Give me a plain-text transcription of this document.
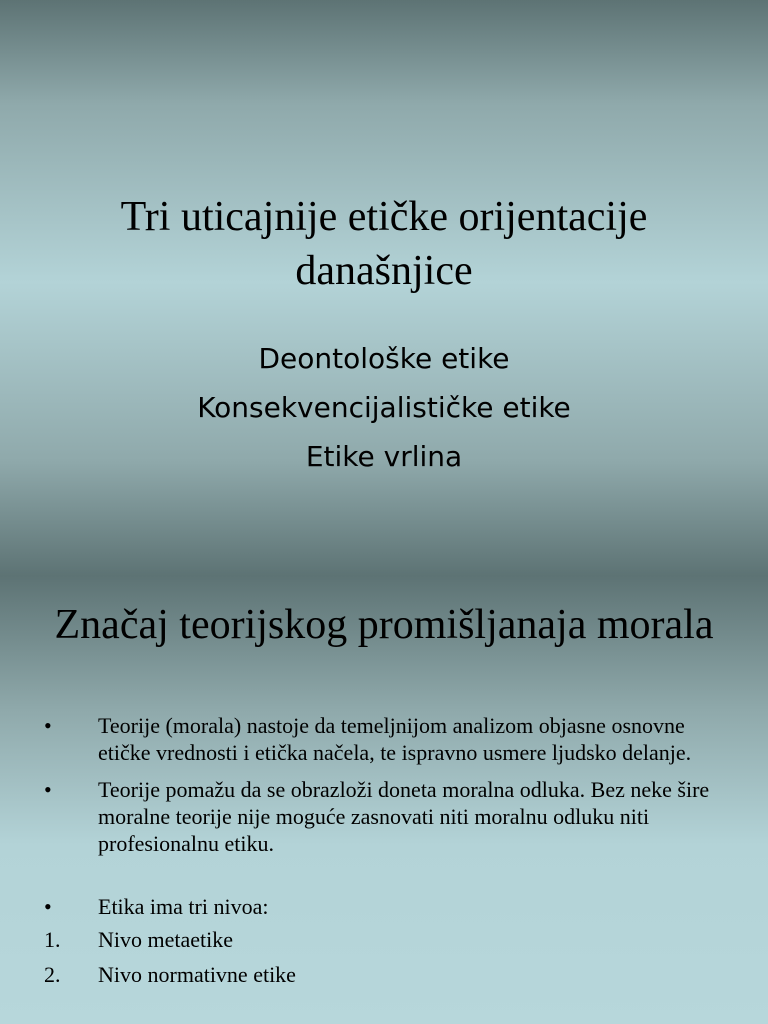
Tri uticajnije etičke orijentacije današnjice
Deontološke etike
Konsekvencijalističke etike
Etike vrlina
Značaj teorijskog promišljanaja morala
• Teorije (morala) nastoje da temeljnijom analizom objasne osnovne etičke vrednosti i etička načela, te ispravno usmere ljudsko delanje.
• Teorije pomažu da se obrazloži doneta moralna odluka. Bez neke šire moralne teorije nije moguće zasnovati niti moralnu odluku niti profesionalnu etiku.
• Etika ima tri nivoa:
1. Nivo metaetike
2. Nivo normativne etike
